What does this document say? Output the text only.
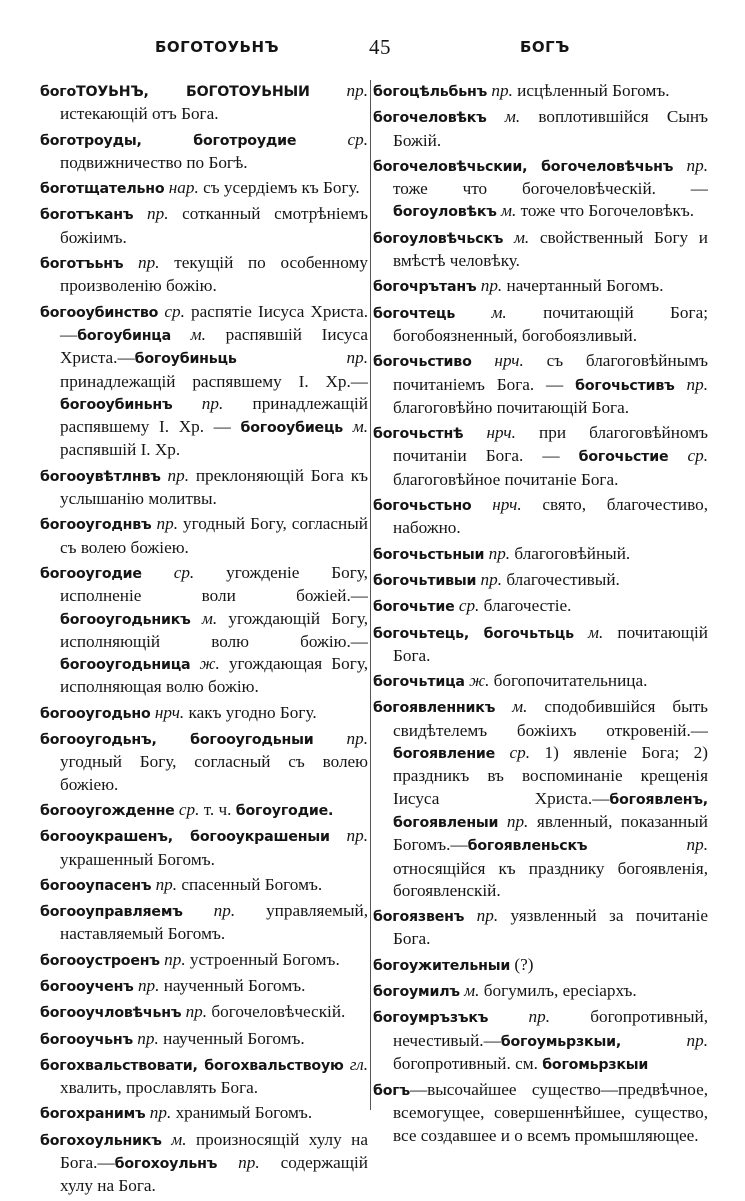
БОГОТОУЬНЪ	45	БОГЪ
богоТОУЬНЪ, БОГОТОУЬНЫИ пр. истекающій отъ Бога.
боготроуды, боготроудие ср. подвижничество по Богѣ.
боготщательно нар. съ усердіемъ къ Богу.
боготъканъ пр. сотканный смотрѣніемъ божіимъ.
боготъьнъ пр. текущій по особенному произволенію божію.
богооубинство ср. распятіе Іисуса Христа.—богоубинца м. распявшій Іисуса Христа.—богоубиньць пр. принадлежащій распявшему І. Хр.—богооубиньнъ пр. принадлежащій распявшему І. Хр. — богооубиець м. распявшій І. Хр.
богооувѣтлнвъ пр. преклоняющій Бога къ услышанію молитвы.
богооугоднвъ пр. угодный Богу, согласный съ волею божіею.
богооугодие ср. угожденіе Богу, исполненіе воли божіей.—богооугодьникъ м. угождающій Богу, исполняющій волю божію.— богооугодьница ж. угождающая Богу, исполняющая волю божію.
богооугодьно нрч. какъ угодно Богу.
богооугодьнъ, богооугодьныи пр. угодный Богу, согласный съ волею божіею.
богооугожденне ср. т. ч. богоугодие.
богооукрашенъ, богооукрашеныи пр. украшенный Богомъ.
богооупасенъ пр. спасенный Богомъ.
богооуправляемъ пр. управляемый, наставляемый Богомъ.
богооустроенъ пр. устроенный Богомъ.
богооученъ пр. наученный Богомъ.
богооучловѣчьнъ пр. богочеловѣческій.
богооучьнъ пр. наученный Богомъ.
богохвальствовати, богохвальствоую гл. хвалить, прославлять Бога.
богохранимъ пр. хранимый Богомъ.
богохоульникъ м. произносящій хулу на Бога.—богохоульнъ пр. содержащій хулу на Бога.
богоцѣльбьнъ пр. исцѣленный Богомъ.
богочеловѣкъ м. воплотившійся Сынъ Божій.
богочеловѣчьскии, богочеловѣчьнъ пр. тоже что богочеловѣческій. — богоуловѣкъ м. тоже что Богочеловѣкъ.
богоуловѣчьскъ м. свойственный Богу и вмѣстѣ человѣку.
богочрътанъ пр. начертанный Богомъ.
богочтець м. почитающій Бога; богобоязненный, богобоязливый.
богочьстиво нрч. съ благоговѣйнымъ почитаніемъ Бога. — богочьстивъ пр. благоговѣйно почитающій Бога.
богочьстнѣ нрч. при благоговѣйномъ почитаніи Бога. — богочьстие ср. благоговѣйное почитаніе Бога.
богочьстьно нрч. свято, благочестиво, набожно.
богочьстьныи пр. благоговѣйный.
богочьтивыи пр. благочестивый.
богочьтие ср. благочестіе.
богочьтець, богочьтьць м. почитающій Бога.
богочьтица ж. богопочитательница.
богоявленникъ м. сподобившійся быть свидѣтелемъ божіихъ откровеній.—богоявление ср. 1) явленіе Бога; 2) праздникъ въ воспоминаніе крещенія Іисуса Христа.—богоявленъ, богоявленыи пр. явленный, показанный Богомъ.—богоявленьскъ пр. относящійся къ празднику богоявленія, богоявленскій.
богоязвенъ пр. уязвленный за почитаніе Бога.
богоужительныи (?)
богоумилъ м. богумилъ, ересіархъ.
богоумръзъкъ пр. богопротивный, нечестивый.—богоумьрзкыи, пр. богопротивный. см. богомьрзкыи
богъ—высочайшее существо—предвѣчное, всемогущее, совершеннѣйшее, существо, все создавшее и о всемъ промышляющее.
